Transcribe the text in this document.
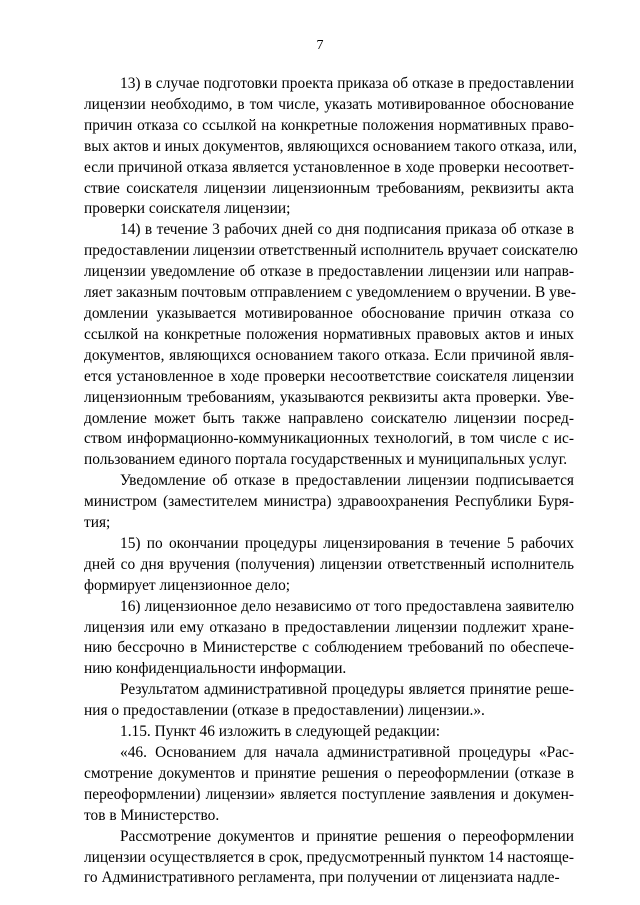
7
13) в случае подготовки проекта приказа об отказе в предоставлении
лицензии необходимо, в том числе, указать мотивированное обоснование
причин отказа со ссылкой на конкретные положения нормативных право-
вых актов и иных документов, являющихся основанием такого отказа, или,
если причиной отказа является установленное в ходе проверки несоответ-
ствие соискателя лицензии лицензионным требованиям, реквизиты акта
проверки соискателя лицензии;
14) в течение 3 рабочих дней со дня подписания приказа об отказе в
предоставлении лицензии ответственный исполнитель вручает соискателю
лицензии уведомление об отказе в предоставлении лицензии или направ-
ляет заказным почтовым отправлением с уведомлением о вручении. В уве-
домлении указывается мотивированное обоснование причин отказа со
ссылкой на конкретные положения нормативных правовых актов и иных
документов, являющихся основанием такого отказа. Если причиной явля-
ется установленное в ходе проверки несоответствие соискателя лицензии
лицензионным требованиям, указываются реквизиты акта проверки. Уве-
домление может быть также направлено соискателю лицензии посред-
ством информационно-коммуникационных технологий, в том числе с ис-
пользованием единого портала государственных и муниципальных услуг.
Уведомление об отказе в предоставлении лицензии подписывается
министром (заместителем министра) здравоохранения Республики Буря-
тия;
15) по окончании процедуры лицензирования в течение 5 рабочих
дней со дня вручения (получения) лицензии ответственный исполнитель
формирует лицензионное дело;
16) лицензионное дело независимо от того предоставлена заявителю
лицензия или ему отказано в предоставлении лицензии подлежит хране-
нию бессрочно в Министерстве с соблюдением требований по обеспече-
нию конфиденциальности информации.
Результатом административной процедуры является принятие реше-
ния о предоставлении (отказе в предоставлении) лицензии.».
1.15. Пункт 46 изложить в следующей редакции:
«46. Основанием для начала административной процедуры «Рас-
смотрение документов и принятие решения о переоформлении (отказе в
переоформлении) лицензии» является поступление заявления и докумен-
тов в Министерство.
Рассмотрение документов и принятие решения о переоформлении
лицензии осуществляется в срок, предусмотренный пунктом 14 настояще-
го Административного регламента, при получении от лицензиата надле-
